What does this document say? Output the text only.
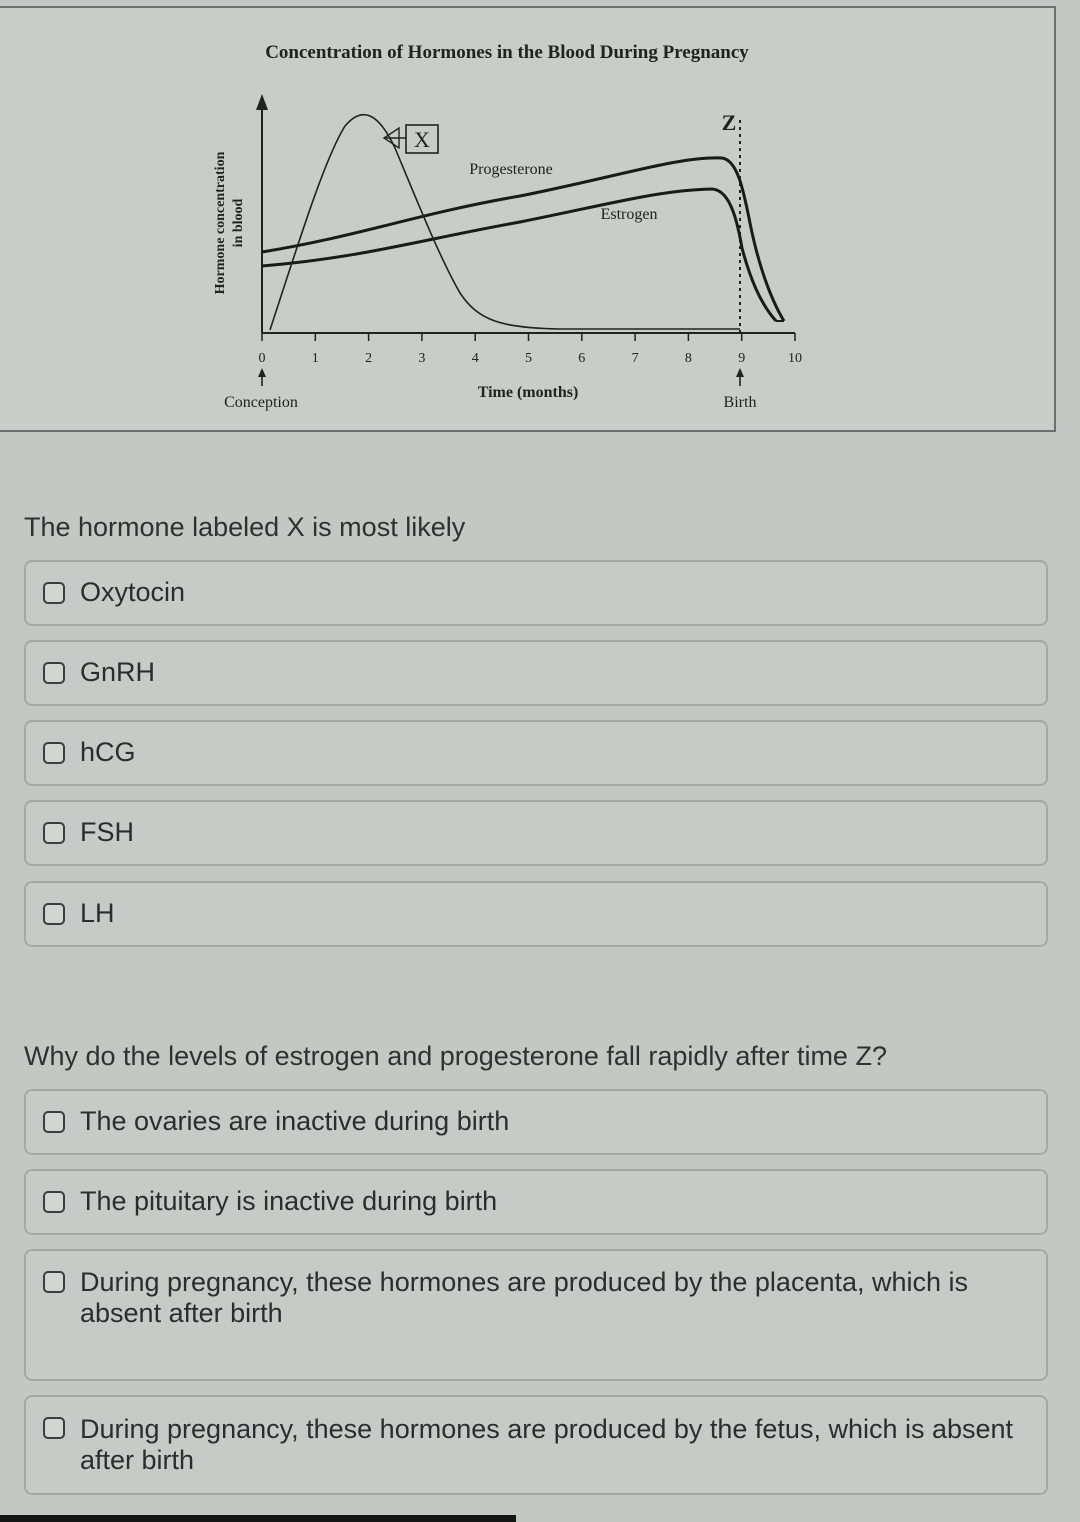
Concentration of Hormones in the Blood During Pregnancy
Hormone concentration in blood
0	1	2	3	4	5	6	7	8	9	10
Time (months)
Conception	Birth
Z
X
Progesterone
Estrogen
The hormone labeled X is most likely
Oxytocin
GnRH
hCG
FSH
LH
Why do the levels of estrogen and progesterone fall rapidly after time Z?
The ovaries are inactive during birth
The pituitary is inactive during birth
During pregnancy, these hormones are produced by the placenta, which is absent after birth
During pregnancy, these hormones are produced by the fetus, which is absent after birth
